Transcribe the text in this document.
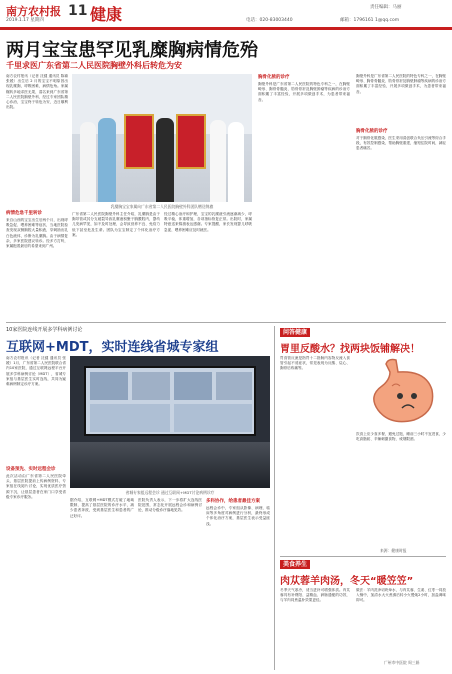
南方农村报
2019.1.17 星期四
11 健康	责任编辑：马丽
电话：020-83003440	邮箱：1796161 1@qq.com
两月宝宝患罕见乳糜胸病情危殆
千里求医广东省第二人民医院胸壁外科后转危为安
南方农村报讯（记者 沈健 通讯员 陈瑜 张媛）出生后 2 月的宝宝不明原因出现乳糜胸，呼吸困难，病情危殆。家属辗转多地求医无果，慕名来到广东省第二人民医院胸壁外科，经过专家团队精心诊治，宝宝终于转危为安，近日顺利出院。
病情危急千里转诊
来自山西的宝宝出生后两个月，出现呼吸急促、喂养困难等症状，当地医院检查发现双侧胸腔大量积液，穿刺抽出乳白色液体，诊断为乳糜胸。由于病情复杂，多家医院建议转诊。经多方打听，家属抱着最后的希望来到广州。
乳糜胸宝宝家属向广东省第二人民医院胸壁外科团队赠送锦旗
广东省第二人民医院胸壁外科主任介绍，乳糜胸是由于胸导管或其分支破裂导致乳糜液积聚于胸膜腔内，婴幼儿发病罕见，如不及时处理，会导致营养不良、免疫力低下甚至危及生命。团队为宝宝制定了个体化治疗方案。
经过精心治疗和护理，宝宝的乳糜液引流逐渐减少，呼吸平稳，体重增加，各项指标恢复正常。出院时，家属特意送来锦旗表达感谢。专家提醒，家长发现婴儿呼吸急促、喂养困难应及时就医。
胸骨化脓的诊疗
胸壁外科是广东省第二人民医院的特色专科之一，在胸壁畸形、胸骨骨髓炎、肋骨骨折及胸壁肿瘤等疾病的诊治方面积累了丰富经验，开展多项微创手术，为患者带来福音。
胸骨化脓的诊疗
胸壁外科是广东省第二人民医院的特色专科之一，在胸壁畸形、胸骨骨髓炎、肋骨骨折及胸壁肿瘤等疾病的诊治方面积累了丰富经验，开展多项微创手术，为患者带来福音。
对于胸骨化脓感染，医生采用清创联合负压引流等综合手段，有效控制感染，帮助胸壁重建，缩短住院时间，减轻患者痛苦。
10家医院连线开展多学科病例讨论
互联网+MDT，实时连线省城专家组
南方农村报讯（记者 沈健 通讯员 张媛）1月，广东省第二人民医院联合省内10家医院，通过互联网远程平台开展多学科病例讨论（MDT），省城专家组与基层医生实时连线，共同为疑难病例制定诊疗方案。
设备预先、实时远程会诊
此次活动由广东省第二人民医院牵头，基层医院提前上传病例资料，专家组在线阅片讨论，实现优质医疗资源下沉，让基层患者在家门口享受省级专家诊疗服务。
省城专家组远程会诊 通过互联网+MDT讨论病例诊疗
据介绍，互联网+MDT模式打破了地域限制，提高了基层医院的诊疗水平，减少患者奔波，受到基层医生和患者的广泛好评。
医院负责人表示，下一步将扩大连线医院范围，常态化开展远程会诊和病例讨论，推动分级诊疗落地见效。
多科协作，给患者最佳方案
远程会诊中，专家组从影像、病理、临床等多角度对病例进行分析，最终形成个体化治疗方案，基层医生表示受益匪浅。
问答健康
胃里反酸水？找两块饭铺解决！
胃食管反流是指胃十二指肠内容物反流入食管引起不适症状，常见表现为反酸、烧心、胸骨后疼痛等。
饮食上应少食多餐，避免过饱，睡前三小时不宜进食，少吃高脂肪、辛辣刺激食物，戒烟限酒。
来源：健康时报
美食养生
肉苁蓉羊肉汤，冬天“暖笠笠”
冬季天气寒冷，适当进补可增强体质。肉苁蓉具有补肾阳、益精血、润肠通便的功效，与羊肉同煮温补效果更佳。
做法：羊肉洗净切块焯水，与肉苁蓉、生姜、红枣一同放入锅中，加清水大火煮沸后转小火慢炖2小时，加盐调味即可。
广州市中医院 周三娟
